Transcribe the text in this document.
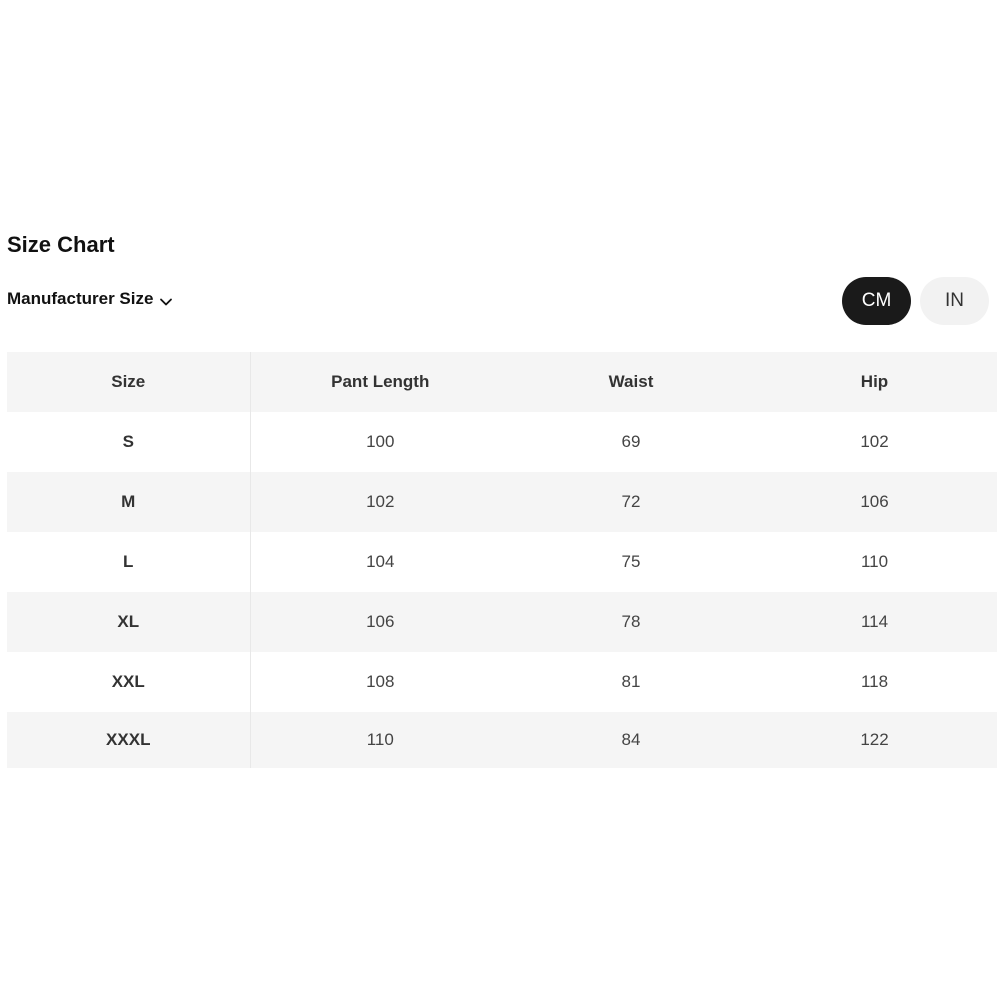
Size Chart
Manufacturer Size	CM	IN
Size	Pant Length	Waist	Hip
S	100	69	102
M	102	72	106
L	104	75	110
XL	106	78	114
XXL	108	81	118
XXXL	110	84	122
